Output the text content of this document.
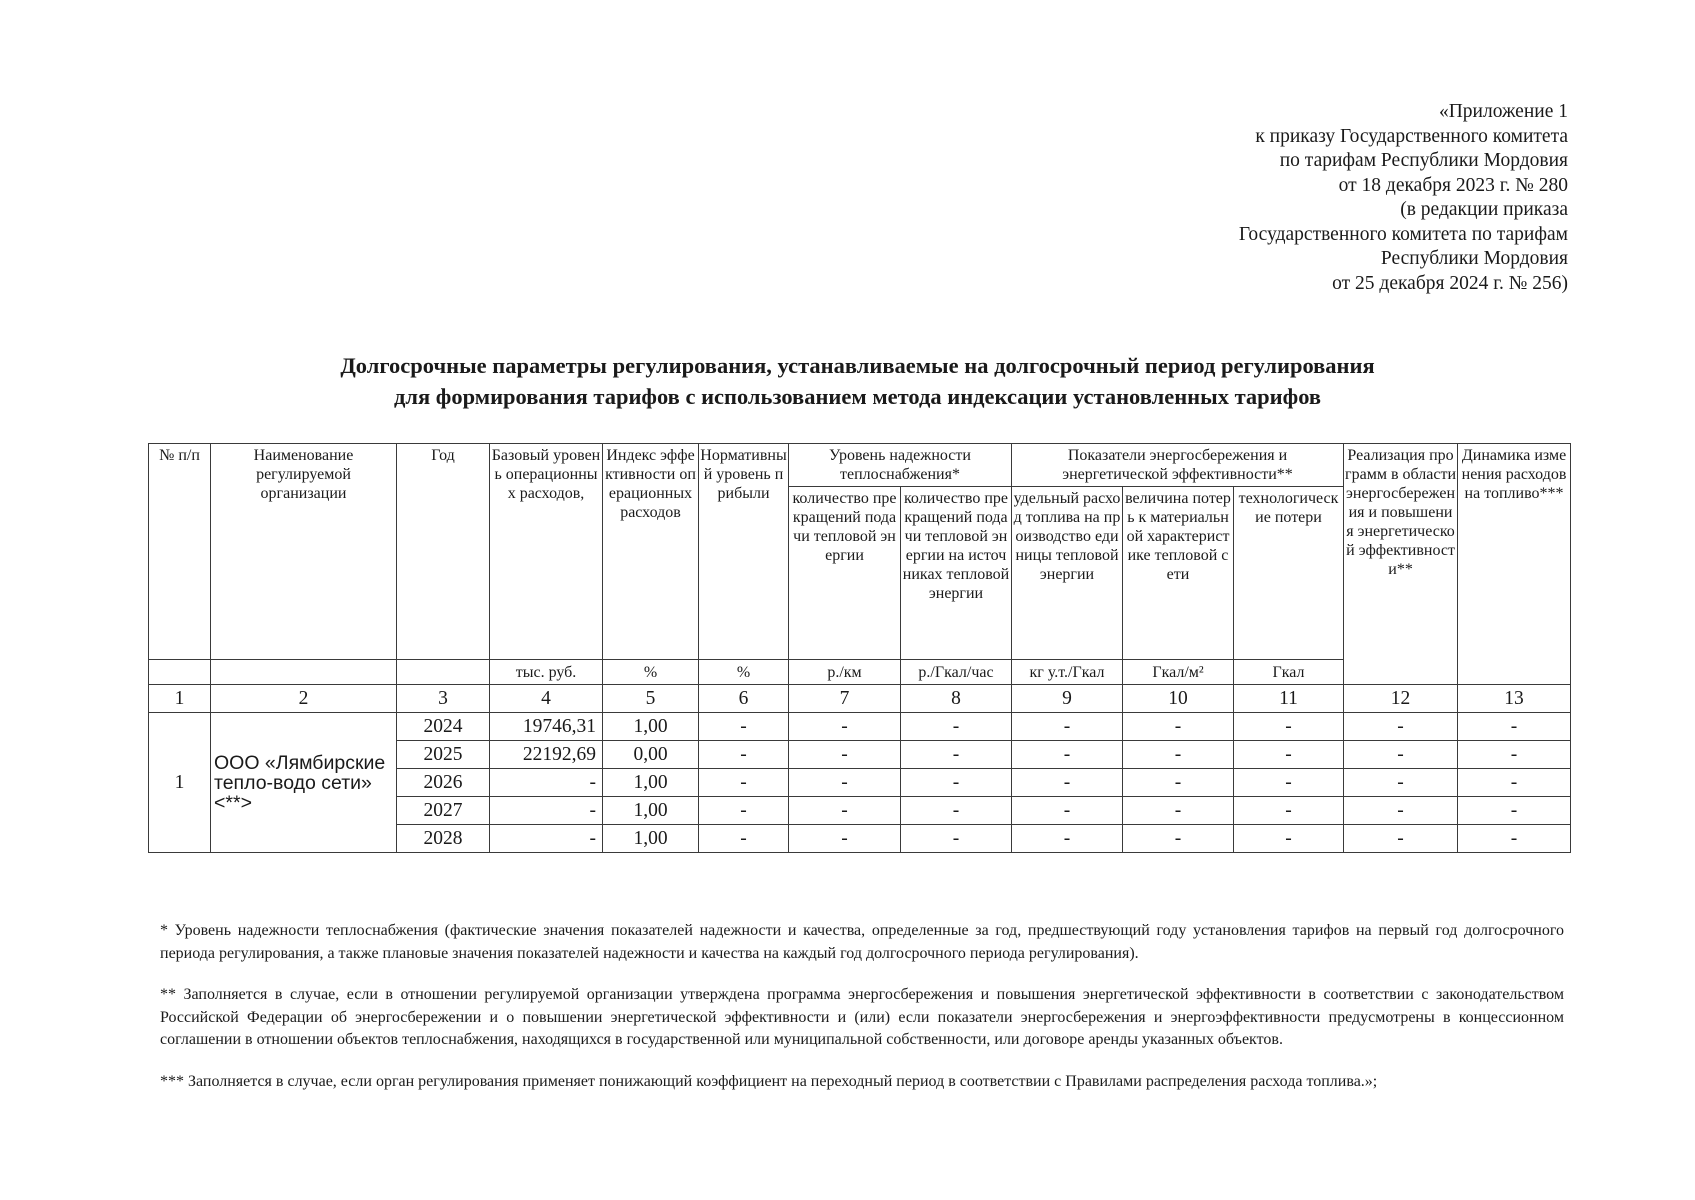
«Приложение 1
к приказу Государственного комитета
по тарифам Республики Мордовия
от 18 декабря 2023 г. № 280
(в редакции приказа
Государственного комитета по тарифам
Республики Мордовия
от 25 декабря 2024 г. № 256)
Долгосрочные параметры регулирования, устанавливаемые на долгосрочный период регулирования
для формирования тарифов с использованием метода индексации установленных тарифов
№ п/п	Наименование регулируемой организации	Год	Базовый уровень операционных расходов,	Индекс эффективности операционных расходов	Нормативный уровень прибыли	Уровень надежности теплоснабжения*		Показатели энергосбережения и энергетической эффективности**			Реализация программ в области энергосбережения и повышения энергетической эффективности**	Динамика изменения расходов на топливо***
						количество прекращений подачи тепловой энергии	количество прекращений подачи тепловой энергии на источниках тепловой энергии	удельный расход топлива на производство единицы тепловой энергии	величина потерь к материальной характеристике тепловой сети	технологические потери		
			тыс. руб.	%	%	р./км	р./Гкал/час	кг у.т./Гкал	Гкал/м²	Гкал		
1	2	3	4	5	6	7	8	9	10	11	12	13
1	ООО «Лямбирские тепло-водо сети» <**>	2024	19746,31	1,00	-	-	-	-	-	-	-	-
		2025	22192,69	0,00	-	-	-	-	-	-	-	-
		2026	-	1,00	-	-	-	-	-	-	-	-
		2027	-	1,00	-	-	-	-	-	-	-	-
		2028	-	1,00	-	-	-	-	-	-	-	-

* Уровень надежности теплоснабжения (фактические значения показателей надежности и качества, определенные за год, предшествующий году установления тарифов на первый год долгосрочного периода регулирования, а также плановые значения показателей надежности и качества на каждый год долгосрочного периода регулирования).

** Заполняется в случае, если в отношении регулируемой организации утверждена программа энергосбережения и повышения энергетической эффективности в соответствии с законодательством Российской Федерации об энергосбережении и о повышении энергетической эффективности и (или) если показатели энергосбережения и энергоэффективности предусмотрены в концессионном соглашении в отношении объектов теплоснабжения, находящихся в государственной или муниципальной собственности, или договоре аренды указанных объектов.

*** Заполняется в случае, если орган регулирования применяет понижающий коэффициент на переходный период в соответствии с Правилами распределения расхода топлива.»;
